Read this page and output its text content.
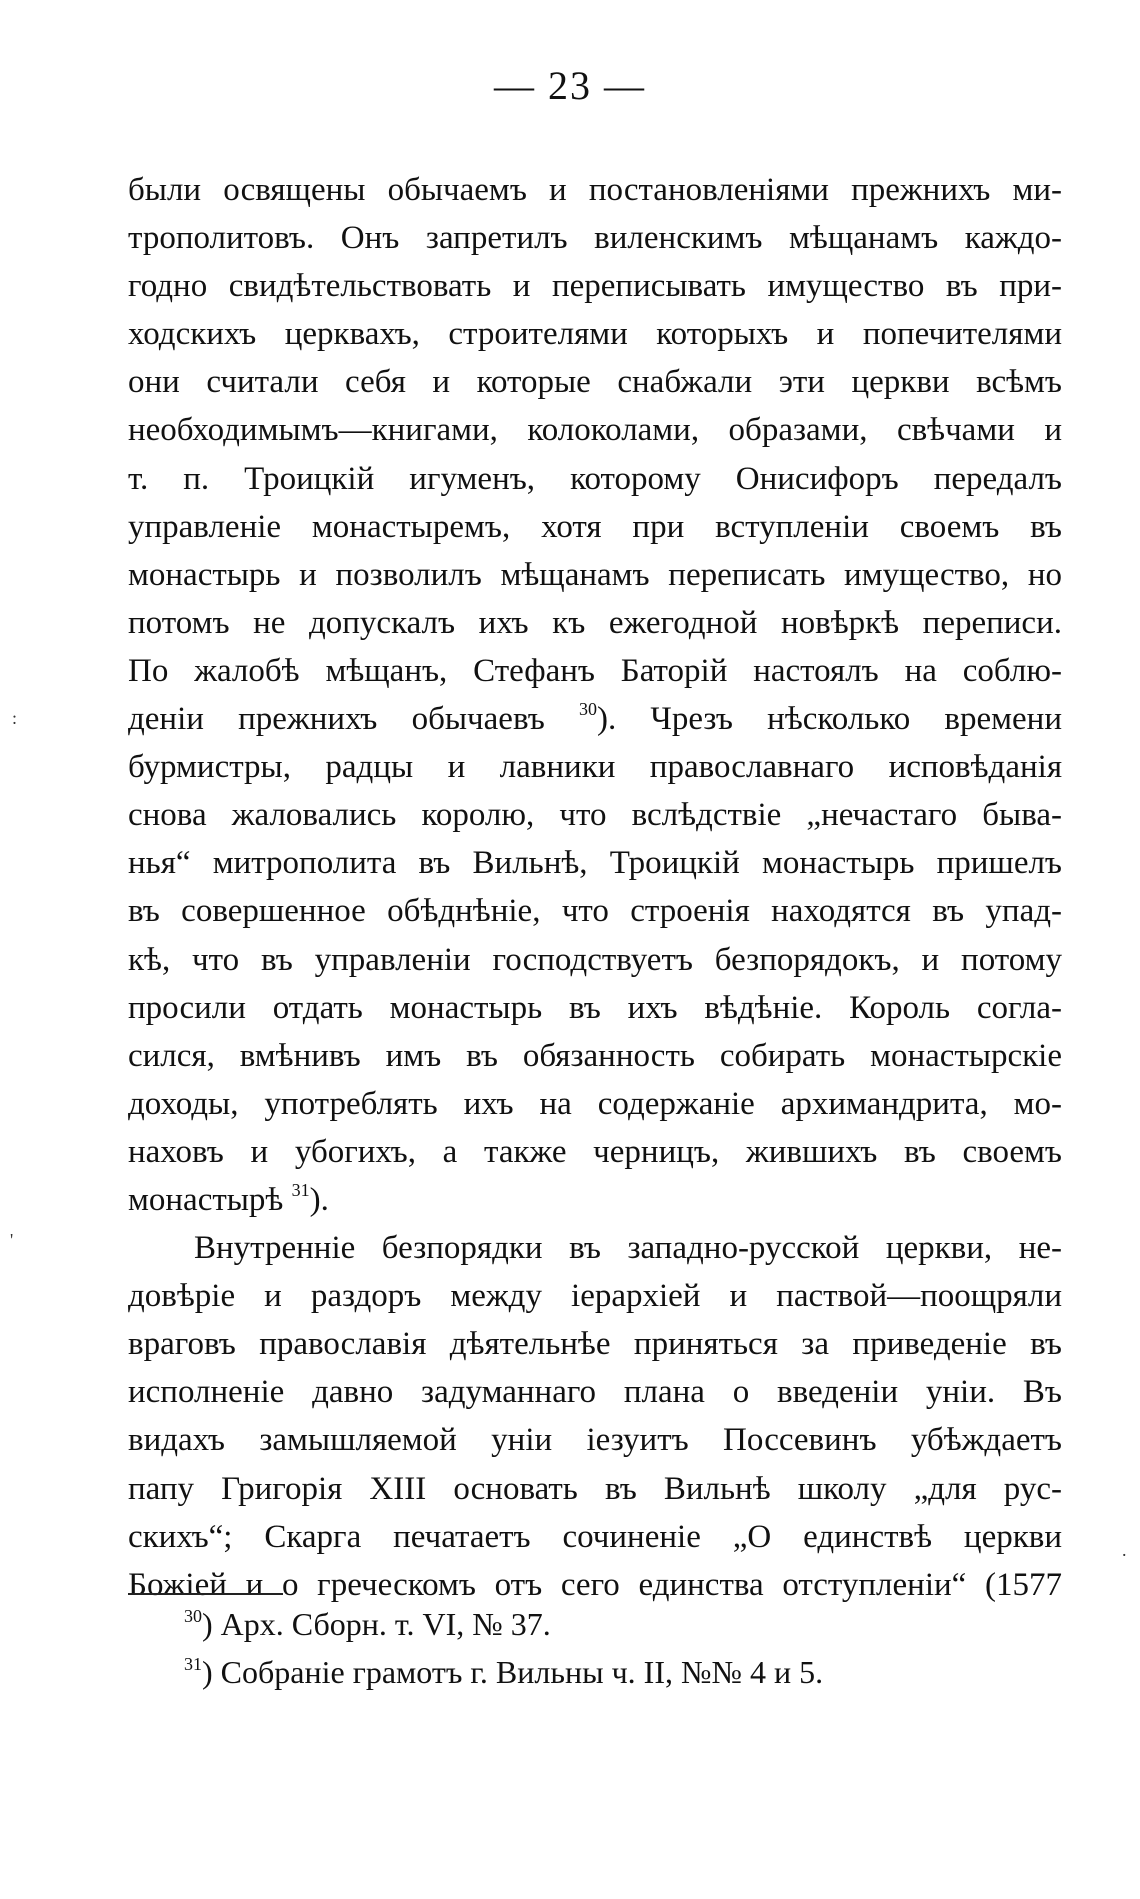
— 23 —
были освящены обычаемъ и постановленіями прежнихъ ми-
трополитовъ. Онъ запретилъ виленскимъ мѣщанамъ каждо-
годно свидѣтельствовать и переписывать имущество въ при-
ходскихъ церквахъ, строителями которыхъ и попечителями
они считали себя и которые снабжали эти церкви всѣмъ
необходимымъ—книгами, колоколами, образами, свѣчами и
т. п. Троицкій игуменъ, которому Онисифоръ передалъ
управленіе монастыремъ, хотя при вступленіи своемъ въ
монастырь и позволилъ мѣщанамъ переписать имущество, но
потомъ не допускалъ ихъ къ ежегодной новѣркѣ переписи.
По жалобѣ мѣщанъ, Стефанъ Баторій настоялъ на соблю-
деніи прежнихъ обычаевъ $^{30}$). Чрезъ нѣсколько времени
бурмистры, радцы и лавники православнаго исповѣданія
снова жаловались королю, что вслѣдствіе „нечастаго быва-
нья“ митрополита въ Вильнѣ, Троицкій монастырь пришелъ
въ совершенное обѣднѣніе, что строенія находятся въ упад-
кѣ, что въ управленіи господствуетъ безпорядокъ, и потому
просили отдать монастырь въ ихъ вѣдѣніе. Король согла-
сился, вмѣнивъ имъ въ обязанность собирать монастырскіе
доходы, употреблять ихъ на содержаніе архимандрита, мо-
наховъ и убогихъ, а также черницъ, жившихъ въ своемъ
монастырѣ $^{31}$).
Внутренніе безпорядки въ западно-русской церкви, не-
довѣріе и раздоръ между іерархіей и паствой—поощряли
враговъ православія дѣятельнѣе приняться за приведеніе въ
исполненіе давно задуманнаго плана о введеніи уніи. Въ
видахъ замышляемой уніи іезуитъ Поссевинъ убѣждаетъ
папу Григорія XIII основать въ Вильнѣ школу „для рус-
скихъ“; Скарга печатаетъ сочиненіе „О единствѣ церкви
Божіей и о греческомъ отъ сего единства отступленіи“ (1577
$^{30}$) Арх. Сборн. т. VI, № 37.
$^{31}$) Собраніе грамотъ г. Вильны ч. II, №№ 4 и 5.
:
'
.
